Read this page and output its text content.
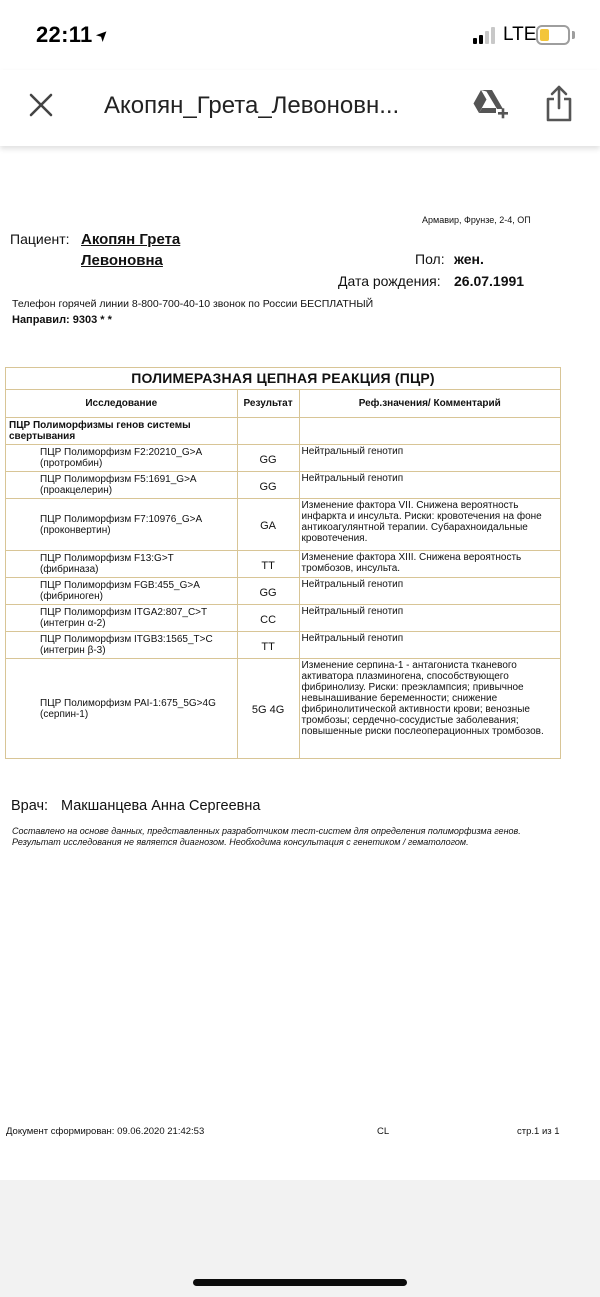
22:11➤	LTE
Акопян_Грета_Левоновн...
Армавир, Фрунзе, 2-4, ОП
Пациент: Акопян Грета Левоновна	Пол: жен.
Дата рождения: 26.07.1991
Телефон горячей линии 8-800-700-40-10 звонок по России БЕСПЛАТНЫЙ
Направил: 9303 * *
ПОЛИМЕРАЗНАЯ ЦЕПНАЯ РЕАКЦИЯ (ПЦР)		
Исследование	Результат	Реф.значения/ Комментарий
ПЦР Полиморфизмы генов системы свертывания		
ПЦР Полиморфизм F2:20210_G>A (протромбин)	GG	Нейтральный генотип
ПЦР Полиморфизм F5:1691_G>A (проакцелерин)	GG	Нейтральный генотип
ПЦР Полиморфизм F7:10976_G>A (проконвертин)	GA	Изменение фактора VII. Снижена вероятность инфаркта и инсульта. Риски: кровотечения на фоне антикоагулянтной терапии. Субарахноидальные кровотечения.
ПЦР Полиморфизм F13:G>T (фибриназа)	TT	Изменение фактора XIII. Снижена вероятность тромбозов, инсульта.
ПЦР Полиморфизм FGB:455_G>A (фибриноген)	GG	Нейтральный генотип
ПЦР Полиморфизм ITGA2:807_C>T (интегрин α-2)	CC	Нейтральный генотип
ПЦР Полиморфизм ITGB3:1565_T>C (интегрин β-3)	TT	Нейтральный генотип
ПЦР Полиморфизм PAI-1:675_5G>4G (серпин-1)	5G 4G	Изменение серпина-1 - антагониста тканевого активатора плазминогена, способствующего фибринолизу. Риски: преэклампсия; привычное невынашивание беременности; снижение фибринолитической активности крови; венозные тромбозы; сердечно-сосудистые заболевания; повышенные риски послеоперационных тромбозов.
Врач: Макшанцева Анна Сергеевна
Составлено на основе данных, представленных разработчиком тест-систем для определения полиморфизма генов. Результат исследования не является диагнозом. Необходима консультация с генетиком / гематологом.
Документ сформирован: 09.06.2020 21:42:53	CL	стр.1 из 1
